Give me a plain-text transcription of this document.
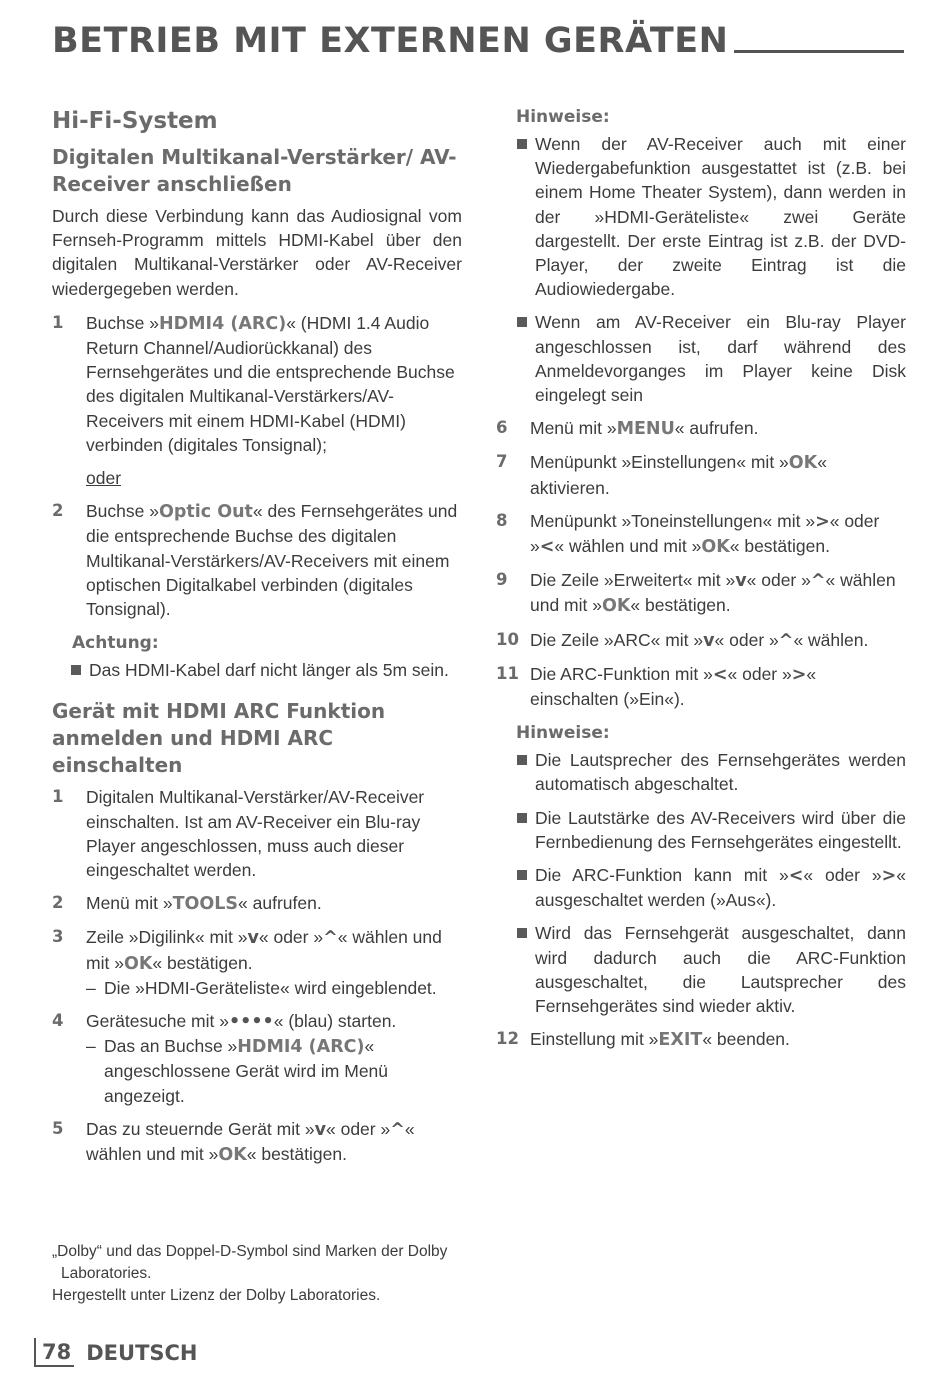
BETRIEB MIT EXTERNEN GERÄTEN
Hi-Fi-System
Digitalen Multikanal-Verstärker/ AV-Receiver anschließen

Durch diese Verbindung kann das Audiosignal vom Fernseh-Programm mittels HDMI-Kabel über den digitalen Multikanal-Verstärker oder AV-Receiver wiedergegeben werden.

1	Buchse »HDMI4 (ARC)« (HDMI 1.4 Audio Return Channel/Audiorückkanal) des Fernsehgerätes und die entsprechende Buchse des digitalen Multikanal-Verstärkers/AV-Receivers mit einem HDMI-Kabel (HDMI) verbinden (digitales Tonsignal);
oder
2	Buchse »Optic Out« des Fernsehgerätes und die entsprechende Buchse des digitalen Multikanal-Verstärkers/AV-Receivers mit einem optischen Digitalkabel verbinden (digitales Tonsignal).
Achtung:
Das HDMI-Kabel darf nicht länger als 5m sein.
Gerät mit HDMI ARC Funktion anmelden und HDMI ARC einschalten
1	Digitalen Multikanal-Verstärker/AV-Receiver einschalten. Ist am AV-Receiver ein Blu-ray Player angeschlossen, muss auch dieser eingeschaltet werden.
2	Menü mit »TOOLS« aufrufen.
3	Zeile »Digilink« mit »v« oder »^« wählen und mit »OK« bestätigen.
– Die »HDMI-Geräteliste« wird eingeblendet.
4	Gerätesuche mit »••••« (blau) starten.
– Das an Buchse »HDMI4 (ARC)« angeschlossene Gerät wird im Menü angezeigt.
5	Das zu steuernde Gerät mit »v« oder »^« wählen und mit »OK« bestätigen.
„Dolby“ und das Doppel-D-Symbol sind Marken der Dolby Laboratories.
Hergestellt unter Lizenz der Dolby Laboratories.
Hinweise:
Wenn der AV-Receiver auch mit einer Wiedergabefunktion ausgestattet ist (z.B. bei einem Home Theater System), dann werden in der »HDMI-Geräteliste« zwei Geräte dargestellt. Der erste Eintrag ist z.B. der DVD-Player, der zweite Eintrag ist die Audiowiedergabe.
Wenn am AV-Receiver ein Blu-ray Player angeschlossen ist, darf während des Anmeldevorganges im Player keine Disk eingelegt sein
6	Menü mit »MENU« aufrufen.
7	Menüpunkt »Einstellungen« mit »OK« aktivieren.
8	Menüpunkt »Toneinstellungen« mit »>« oder »<« wählen und mit »OK« bestätigen.
9	Die Zeile »Erweitert« mit »v« oder »^« wählen und mit »OK« bestätigen.
10 Die Zeile »ARC« mit »v« oder »^« wählen.
11 Die ARC-Funktion mit »<« oder »>« einschalten (»Ein«).
Hinweise:
Die Lautsprecher des Fernsehgerätes werden automatisch abgeschaltet.
Die Lautstärke des AV-Receivers wird über die Fernbedienung des Fernsehgerätes eingestellt.
Die ARC-Funktion kann mit »<« oder »>« ausgeschaltet werden (»Aus«).
Wird das Fernsehgerät ausgeschaltet, dann wird dadurch auch die ARC-Funktion ausgeschaltet, die Lautsprecher des Fernsehgerätes sind wieder aktiv.
12 Einstellung mit »EXIT« beenden.
78 DEUTSCH
